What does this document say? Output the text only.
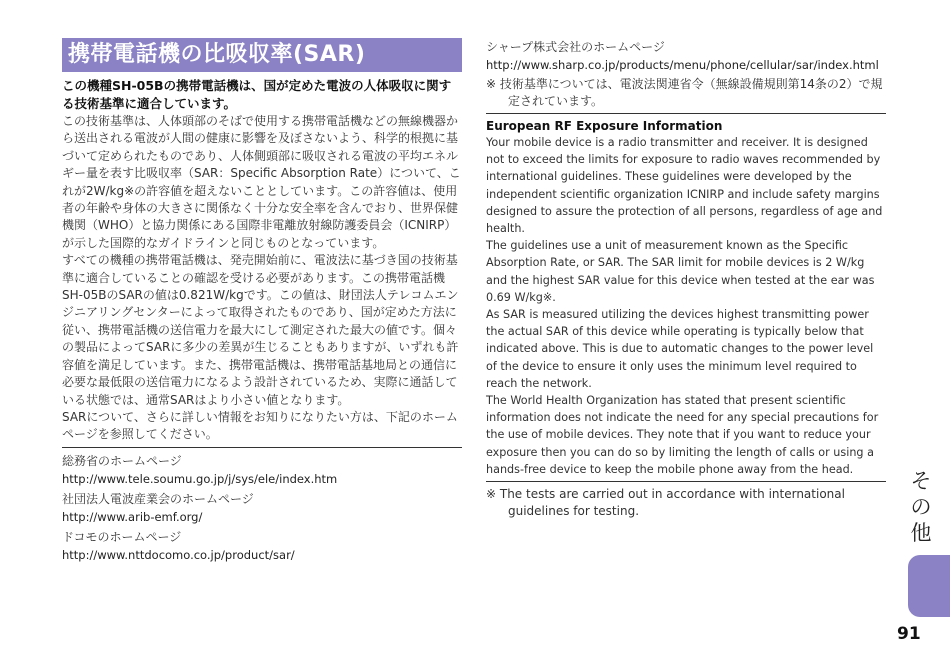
携帯電話機の比吸収率(SAR)
この機種SH-05Bの携帯電話機は、国が定めた電波の人体吸収に関する技術基準に適合しています。
この技術基準は、人体頭部のそばで使用する携帯電話機などの無線機器から送出される電波が人間の健康に影響を及ぼさないよう、科学的根拠に基づいて定められたものであり、人体側頭部に吸収される電波の平均エネルギー量を表す比吸収率（SAR：Specific Absorption Rate）について、これが2W/kg※の許容値を超えないこととしています。この許容値は、使用者の年齢や身体の大きさに関係なく十分な安全率を含んでおり、世界保健機関（WHO）と協力関係にある国際非電離放射線防護委員会（ICNIRP）が示した国際的なガイドラインと同じものとなっています。
すべての機種の携帯電話機は、発売開始前に、電波法に基づき国の技術基準に適合していることの確認を受ける必要があります。この携帯電話機SH-05BのSARの値は0.821W/kgです。この値は、財団法人テレコムエンジニアリングセンターによって取得されたものであり、国が定めた方法に従い、携帯電話機の送信電力を最大にして測定された最大の値です。個々の製品によってSARに多少の差異が生じることもありますが、いずれも許容値を満足しています。また、携帯電話機は、携帯電話基地局との通信に必要な最低限の送信電力になるよう設計されているため、実際に通話している状態では、通常SARはより小さい値となります。
SARについて、さらに詳しい情報をお知りになりたい方は、下記のホームページを参照してください。
総務省のホームページ
http://www.tele.soumu.go.jp/j/sys/ele/index.htm
社団法人電波産業会のホームページ
http://www.arib-emf.org/
ドコモのホームページ
http://www.nttdocomo.co.jp/product/sar/
シャープ株式会社のホームページ
http://www.sharp.co.jp/products/menu/phone/cellular/sar/index.html
※ 技術基準については、電波法関連省令（無線設備規則第14条の2）で規定されています。
European RF Exposure Information
Your mobile device is a radio transmitter and receiver. It is designed not to exceed the limits for exposure to radio waves recommended by international guidelines. These guidelines were developed by the independent scientific organization ICNIRP and include safety margins designed to assure the protection of all persons, regardless of age and health.
The guidelines use a unit of measurement known as the Specific Absorption Rate, or SAR. The SAR limit for mobile devices is 2 W/kg and the highest SAR value for this device when tested at the ear was 0.69 W/kg※.
As SAR is measured utilizing the devices highest transmitting power the actual SAR of this device while operating is typically below that indicated above. This is due to automatic changes to the power level of the device to ensure it only uses the minimum level required to reach the network.
The World Health Organization has stated that present scientific information does not indicate the need for any special precautions for the use of mobile devices. They note that if you want to reduce your exposure then you can do so by limiting the length of calls or using a hands-free device to keep the mobile phone away from the head.
※ The tests are carried out in accordance with international guidelines for testing.
その他
91
